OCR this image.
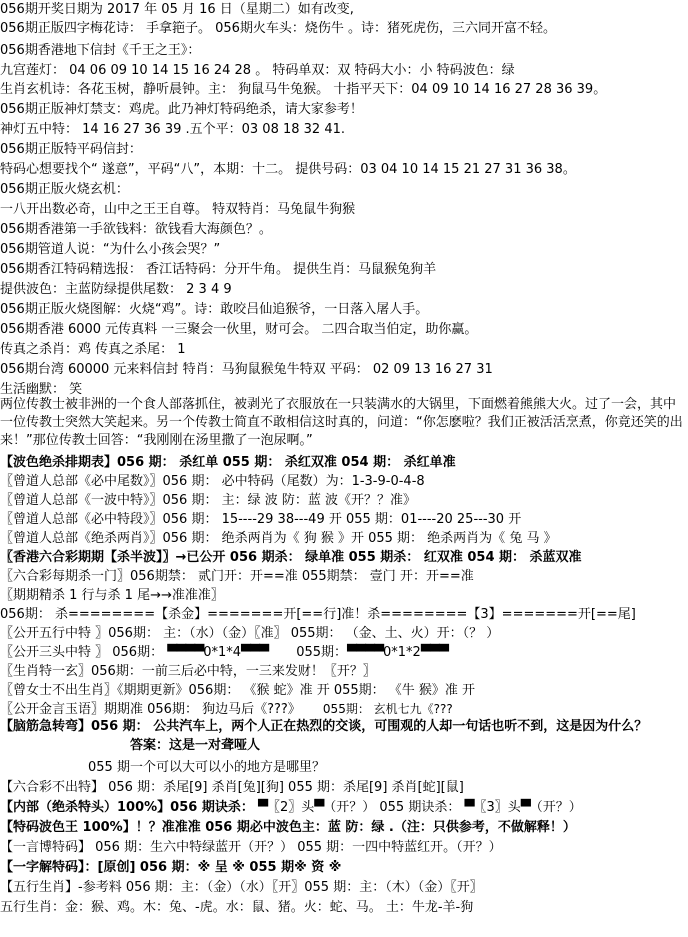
056期开奖日期为 2017 年 05 月 16 日（星期二）如有改变,
056期正版四字梅花诗： 手拿筢子。 056期火车头：烧伤牛 。诗：猪死虎伤，三六同开富不轻。
056期香港地下信封《千王之王》：
九宫莲灯： 04 06 09 10 14 15 16 24 28 。 特码单双：双 特码大小：小 特码波色：绿
生肖玄机诗：各花玉树，静听晨钟。主： 狗鼠马牛兔猴。 十指平天下：04 09 10 14 16 27 28 36 39。
056期正版神灯禁支：鸡虎。此乃神灯特码绝杀，请大家参考！
神灯五中特： 14 16 27 36 39 .五个平：03 08 18 32 41.
056期正版特平码信封：
特码心想要找个“ 遂意”，平码“八”，本期：十二。 提供号码：03 04 10 14 15 21 27 31 36 38。
056期正版火烧玄机：
一八开出数必奇，山中之王王自尊。 特双特肖：马兔鼠牛狗猴
056期香港第一手欲钱料：欲钱看大海颜色？。
056期管道人说：“为什么小孩会哭？”
056期香江特码精选报： 香江话特码：分开牛角。 提供生肖：马鼠猴兔狗羊
提供波色：主蓝防绿提供尾数： 2 3 4 9
056期正版火烧图解：火烧“鸡”。诗：敢咬吕仙追猴爷，一日落入屠人手。
056期香港 6000 元传真料 一三聚会一伙里，财可会。 二四合取当伯定，助你赢。
传真之杀肖：鸡 传真之杀尾： 1
056期台湾 60000 元来料信封 特肖：马狗鼠猴兔牛特双 平码： 02 09 13 16 27 31
生活幽默： 笑
两位传教士被非洲的一个食人部落抓住，被剥光了衣服放在一只装满水的大锅里，下面燃着熊熊大火。过了一会，其中一位传教士突然大笑起来。另一个传教士简直不敢相信这时真的，问道：“你怎麽啦？我们正被活活烹煮，你竟还笑的出来！”那位传教士回答：“我刚刚在汤里撒了一泡尿啊。”
【波色绝杀排期表】056 期： 杀红单 055 期： 杀红双准 054 期： 杀红单准
〖曾道人总部《必中尾数》〗056 期： 必中特码（尾数）为：1-3-9-0-4-8
〖曾道人总部《一波中特》〗056 期： 主：绿 波 防：蓝 波《开？？准》
〖曾道人总部《必中特段》〗056 期： 15----29 38---49 开 055 期：01----20 25---30 开
〖曾道人总部《绝杀两肖》〗056 期： 绝杀两肖为《 狗 猴 》开 055 期： 绝杀两肖为《 兔 马 》
〖香港六合彩期期【杀半波】〗→已公开 056 期杀： 绿单准 055 期杀： 红双准 054 期： 杀蓝双准
〖六合彩每期杀一门〗056期禁： 贰门开：开==准 055期禁： 壹门 开：开==准
〖期期精杀 1 行与杀 1 尾→→准准准〗
056期： 杀========【杀金】=======开[==行]准！杀========【3】=======开[==尾]
〖公开五行中特 〗056期： 主：（水）（金）〖准〗 055期： （金、土、火）开：（？ ）
〖公开三头中特 〗 056期： ▀▀▀▀0*1*4▀▀▀ 055期：▀▀▀▀0*1*2▀▀▀
〖生肖特一玄〗056期：一前三后必中特，一三来发财！〖开？〗
〖曾女士不出生肖〗《期期更新》056期： 《猴 蛇》准 开 055期： 《牛 猴》准 开
〖公开金言玉语〗期期准 056期： 狗边马后《???》 055期： 玄机七九《???
【脑筋急转弯】056 期： 公共汽车上，两个人正在热烈的交谈，可围观的人却一句话也听不到，这是因为什么？
答案：这是一对聋哑人
055 期一个可以大可以小的地方是哪里？
【六合彩不出特】 056 期：杀尾[9] 杀肖[兔][狗] 055 期：杀尾[9] 杀肖[蛇][鼠]
【内部（绝杀特头）100%】056 期诀杀： ▀〖2〗头▀（开？） 055 期诀杀： ▀〖3〗头▀（开？）
【特码波色王 100%】！？准准准 056 期必中波色主：蓝 防：绿 .（注：只供参考，不做解释！）
【一言博特码】 056 期：生六中特绿蓝开（开？） 055 期：一四中特蓝红开。（开？）
【一字解特码】：[原创] 056 期：※ 呈 ※ 055 期※ 资 ※
【五行生肖】-参考料 056 期：主：（金）（水）〖开〗055 期：主：（木）（金）〖开〗
五行生肖：金：猴、鸡。木：兔、-虎。水：鼠、猪。火：蛇、马。 土：牛龙-羊-狗
